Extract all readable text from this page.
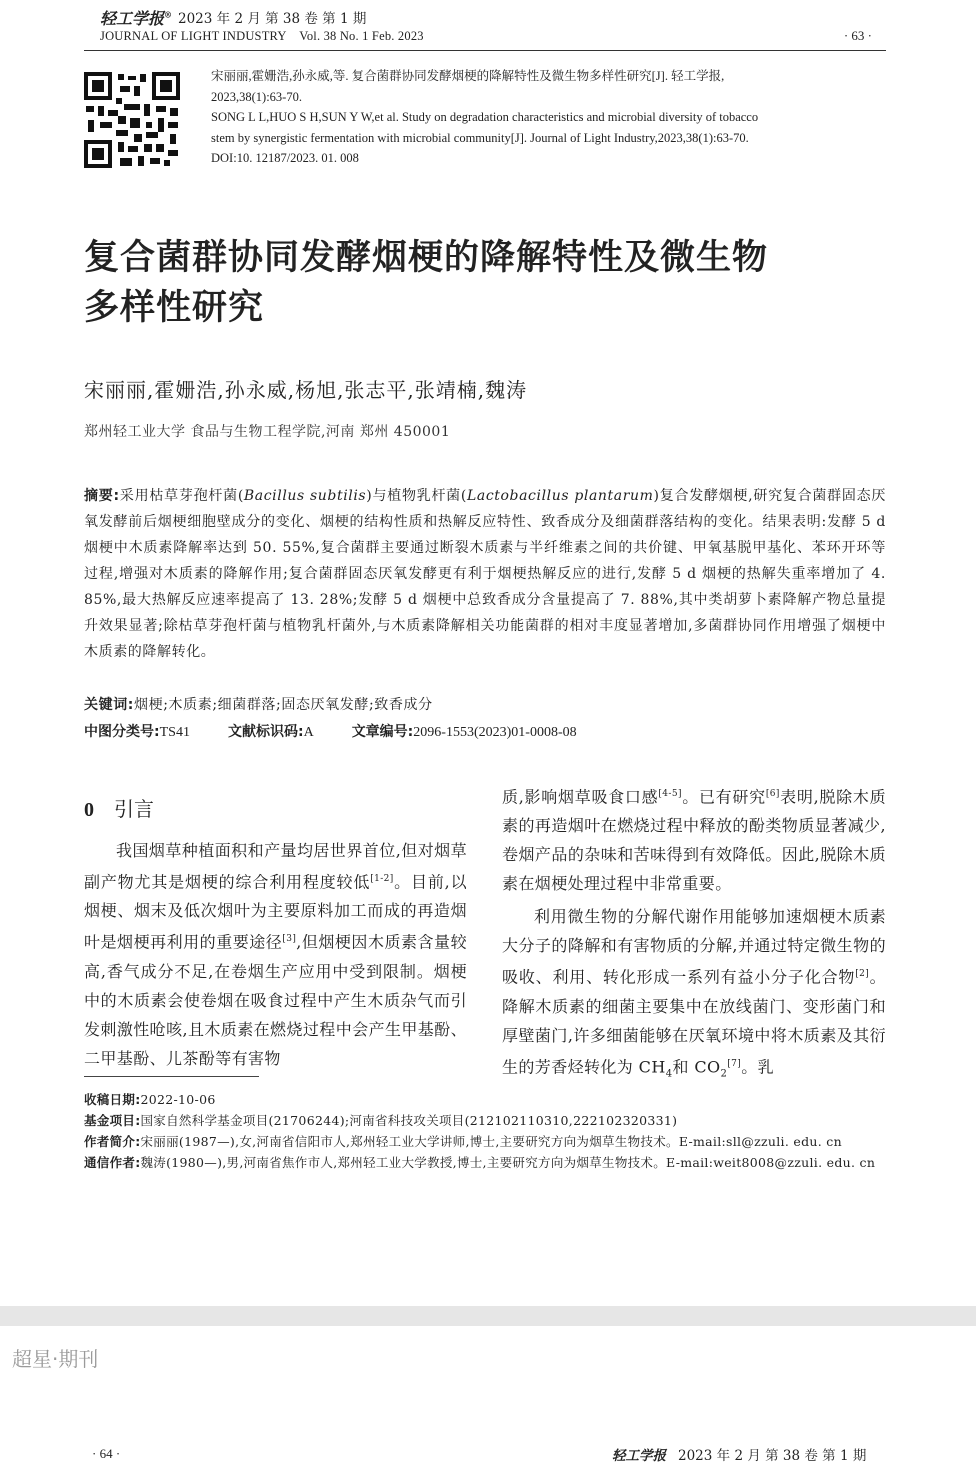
轻工学报® 2023 年 2 月 第 38 卷 第 1 期
JOURNAL OF LIGHT INDUSTRY    Vol. 38 No. 1 Feb. 2023	· 63 ·
宋丽丽,霍姗浩,孙永威,等. 复合菌群协同发酵烟梗的降解特性及微生物多样性研究[J]. 轻工学报,
2023,38(1):63-70.
SONG L L,HUO S H,SUN Y W,et al. Study on degradation characteristics and microbial diversity of tobacco
stem by synergistic fermentation with microbial community[J]. Journal of Light Industry,2023,38(1):63-70.
DOI:10. 12187/2023. 01. 008
复合菌群协同发酵烟梗的降解特性及微生物
多样性研究
宋丽丽,霍姗浩,孙永威,杨旭,张志平,张靖楠,魏涛
郑州轻工业大学 食品与生物工程学院,河南 郑州 450001
摘要:采用枯草芽孢杆菌(Bacillus subtilis)与植物乳杆菌(Lactobacillus plantarum)复合发酵烟梗,研究复合菌群固态厌氧发酵前后烟梗细胞壁成分的变化、烟梗的结构性质和热解反应特性、致香成分及细菌群落结构的变化。结果表明:发酵 5 d 烟梗中木质素降解率达到 50. 55%,复合菌群主要通过断裂木质素与半纤维素之间的共价键、甲氧基脱甲基化、苯环开环等过程,增强对木质素的降解作用;复合菌群固态厌氧发酵更有利于烟梗热解反应的进行,发酵 5 d 烟梗的热解失重率增加了 4. 85%,最大热解反应速率提高了 13. 28%;发酵 5 d 烟梗中总致香成分含量提高了 7. 88%,其中类胡萝卜素降解产物总量提升效果显著;除枯草芽孢杆菌与植物乳杆菌外,与木质素降解相关功能菌群的相对丰度显著增加,多菌群协同作用增强了烟梗中木质素的降解转化。
关键词:烟梗;木质素;细菌群落;固态厌氧发酵;致香成分
中图分类号:TS41	文献标识码:A	文章编号:2096-1553(2023)01-0008-08
0 引言

我国烟草种植面积和产量均居世界首位,但对烟草副产物尤其是烟梗的综合利用程度较低[1-2]。目前,以烟梗、烟末及低次烟叶为主要原料加工而成的再造烟叶是烟梗再利用的重要途径[3],但烟梗因木质素含量较高,香气成分不足,在卷烟生产应用中受到限制。烟梗中的木质素会使卷烟在吸食过程中产生木质杂气而引发刺激性呛咳,且木质素在燃烧过程中会产生甲基酚、二甲基酚、儿茶酚等有害物

质,影响烟草吸食口感[4-5]。已有研究[6]表明,脱除木质素的再造烟叶在燃烧过程中释放的酚类物质显著减少,卷烟产品的杂味和苦味得到有效降低。因此,脱除木质素在烟梗处理过程中非常重要。

利用微生物的分解代谢作用能够加速烟梗木质素大分子的降解和有害物质的分解,并通过特定微生物的吸收、利用、转化形成一系列有益小分子化合物[2]。降解木质素的细菌主要集中在放线菌门、变形菌门和厚壁菌门,许多细菌能够在厌氧环境中将木质素及其衍生的芳香烃转化为 $CH_4$和 $CO_2[7]$。乳

收稿日期:2022-10-06
基金项目:国家自然科学基金项目(21706244);河南省科技攻关项目(212102110310,222102320331)
作者简介:宋丽丽(1987—),女,河南省信阳市人,郑州轻工业大学讲师,博士,主要研究方向为烟草生物技术。E-mail:sll@zzuli. edu. cn
通信作者:魏涛(1980—),男,河南省焦作市人,郑州轻工业大学教授,博士,主要研究方向为烟草生物技术。E-mail:weit8008@zzuli. edu. cn
超星·期刊
· 64 ·	轻工学报 2023 年 2 月 第 38 卷 第 1 期
